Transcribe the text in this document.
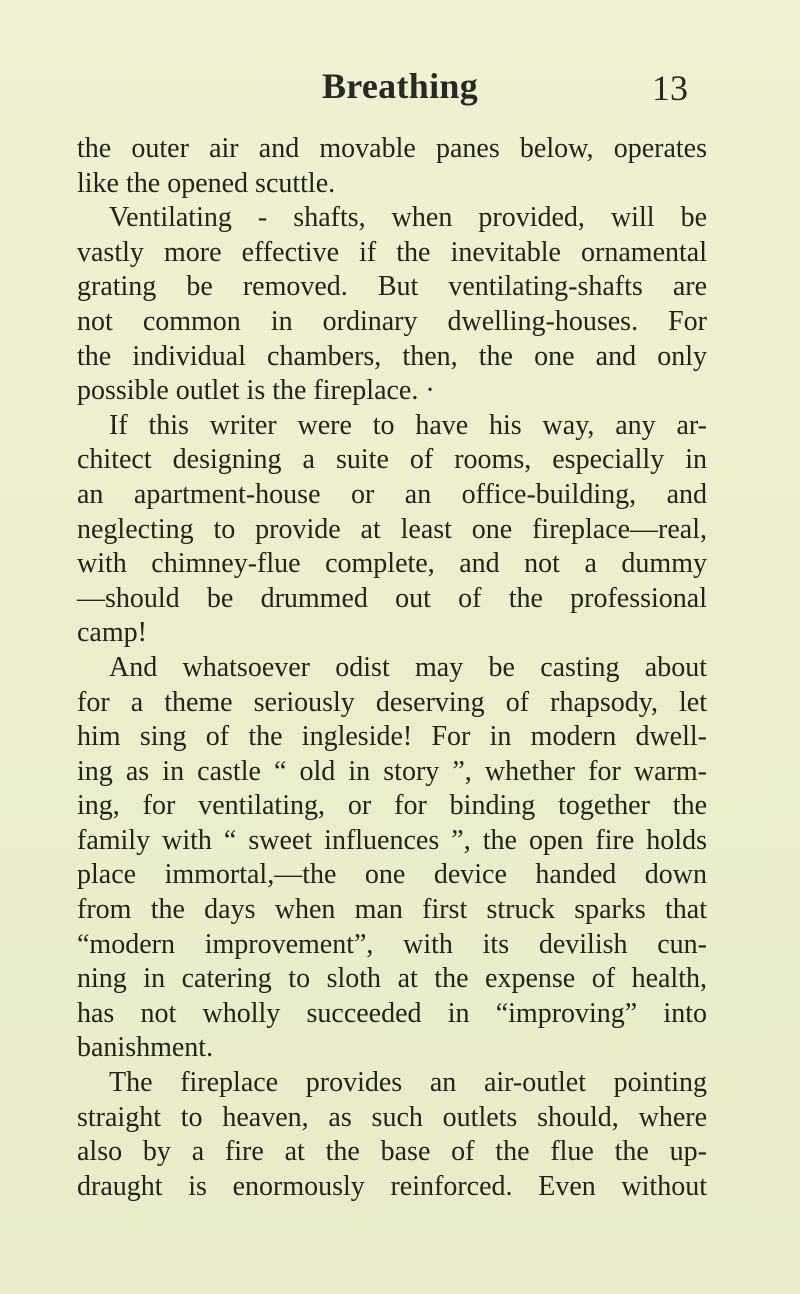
Breathing	13
the outer air and movable panes below, operates
like the opened scuttle.
Ventilating - shafts, when provided, will be
vastly more effective if the inevitable ornamental
grating be removed. But ventilating-shafts are
not common in ordinary dwelling-houses. For
the individual chambers, then, the one and only
possible outlet is the fireplace. ·
If this writer were to have his way, any ar-
chitect designing a suite of rooms, especially in
an apartment-house or an office-building, and
neglecting to provide at least one fireplace—real,
with chimney-flue complete, and not a dummy
—should be drummed out of the professional
camp!
And whatsoever odist may be casting about
for a theme seriously deserving of rhapsody, let
him sing of the ingleside! For in modern dwell-
ing as in castle “ old in story ”, whether for warm-
ing, for ventilating, or for binding together the
family with “ sweet influences ”, the open fire holds
place immortal,—the one device handed down
from the days when man first struck sparks that
“modern improvement”, with its devilish cun-
ning in catering to sloth at the expense of health,
has not wholly succeeded in “improving” into
banishment.
The fireplace provides an air-outlet pointing
straight to heaven, as such outlets should, where
also by a fire at the base of the flue the up-
draught is enormously reinforced. Even without
